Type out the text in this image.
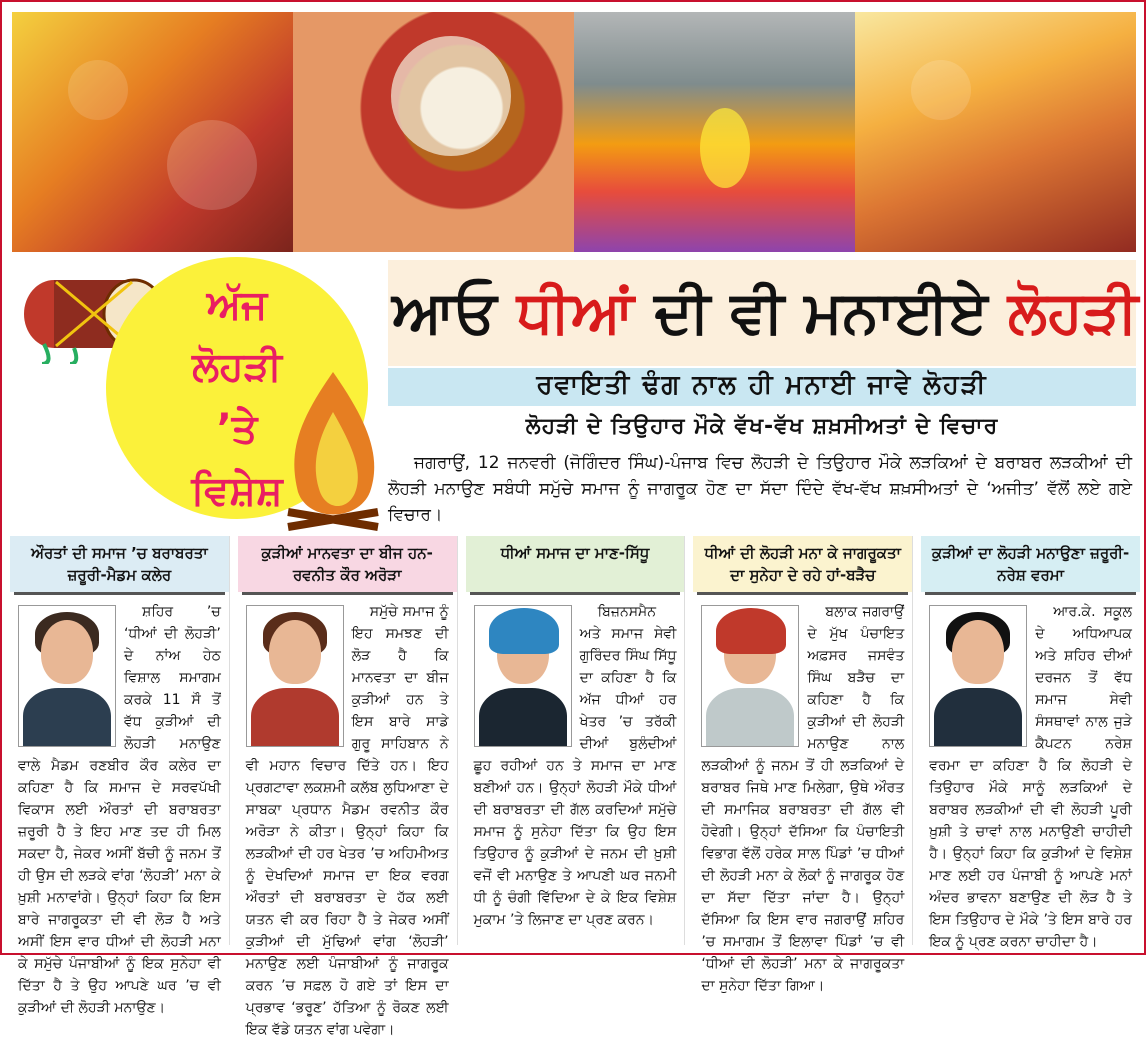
ਅੱਜ
ਲੋਹੜੀ
’ਤੇ
ਵਿਸ਼ੇਸ਼
ਆਓ ਧੀਆਂ ਦੀ ਵੀ ਮਨਾਈਏ ਲੋਹੜੀ
ਰਵਾਇਤੀ ਢੰਗ ਨਾਲ ਹੀ ਮਨਾਈ ਜਾਵੇ ਲੋਹੜੀ
ਲੋਹੜੀ ਦੇ ਤਿਉਹਾਰ ਮੌਕੇ ਵੱਖ-ਵੱਖ ਸ਼ਖ਼ਸੀਅਤਾਂ ਦੇ ਵਿਚਾਰ

ਜਗਰਾਉਂ, 12 ਜਨਵਰੀ (ਜੋਗਿੰਦਰ ਸਿੰਘ)-ਪੰਜਾਬ ਵਿਚ ਲੋਹੜੀ ਦੇ ਤਿਉਹਾਰ ਮੌਕੇ ਲੜਕਿਆਂ ਦੇ ਬਰਾਬਰ ਲੜਕੀਆਂ ਦੀ ਲੋਹੜੀ ਮਨਾਉਣ ਸਬੰਧੀ ਸਮੁੱਚੇ ਸਮਾਜ ਨੂੰ ਜਾਗਰੂਕ ਹੋਣ ਦਾ ਸੱਦਾ ਦਿੰਦੇ ਵੱਖ-ਵੱਖ ਸ਼ਖ਼ਸੀਅਤਾਂ ਦੇ ‘ਅਜੀਤ’ ਵੱਲੋਂ ਲਏ ਗਏ ਵਿਚਾਰ।

ਔਰਤਾਂ ਦੀ ਸਮਾਜ ’ਚ ਬਰਾਬਰਤਾ ਜ਼ਰੂਰੀ-ਮੈਡਮ ਕਲੇਰ

ਸ਼ਹਿਰ ’ਚ ‘ਧੀਆਂ ਦੀ ਲੋਹੜੀ’ ਦੇ ਨਾਂਅ ਹੇਠ ਵਿਸ਼ਾਲ ਸਮਾਗਮ ਕਰਕੇ 11 ਸੌ ਤੋਂ ਵੱਧ ਕੁੜੀਆਂ ਦੀ ਲੋਹੜੀ ਮਨਾਉਣ ਵਾਲੇ ਮੈਡਮ ਰਣਬੀਰ ਕੌਰ ਕਲੇਰ ਦਾ ਕਹਿਣਾ ਹੈ ਕਿ ਸਮਾਜ ਦੇ ਸਰਵਪੱਖੀ ਵਿਕਾਸ ਲਈ ਔਰਤਾਂ ਦੀ ਬਰਾਬਰਤਾ ਜ਼ਰੂਰੀ ਹੈ ਤੇ ਇਹ ਮਾਣ ਤਦ ਹੀ ਮਿਲ ਸਕਦਾ ਹੈ, ਜੇਕਰ ਅਸੀਂ ਬੱਚੀ ਨੂੰ ਜਨਮ ਤੋਂ ਹੀ ਉਸ ਦੀ ਲੜਕੇ ਵਾਂਗ ‘ਲੋਹੜੀ’ ਮਨਾ ਕੇ ਖ਼ੁਸ਼ੀ ਮਨਾਵਾਂਗੇ। ਉਨ੍ਹਾਂ ਕਿਹਾ ਕਿ ਇਸ ਬਾਰੇ ਜਾਗਰੂਕਤਾ ਦੀ ਵੀ ਲੋੜ ਹੈ ਅਤੇ ਅਸੀਂ ਇਸ ਵਾਰ ਧੀਆਂ ਦੀ ਲੋਹੜੀ ਮਨਾ ਕੇ ਸਮੁੱਚੇ ਪੰਜਾਬੀਆਂ ਨੂੰ ਇਕ ਸੁਨੇਹਾ ਵੀ ਦਿੱਤਾ ਹੈ ਤੇ ਉਹ ਆਪਣੇ ਘਰ ’ਚ ਵੀ ਕੁੜੀਆਂ ਦੀ ਲੋਹੜੀ ਮਨਾਉਣ।

ਕੁੜੀਆਂ ਮਾਨਵਤਾ ਦਾ ਬੀਜ ਹਨ-ਰਵਨੀਤ ਕੌਰ ਅਰੋੜਾ

ਸਮੁੱਚੇ ਸਮਾਜ ਨੂੰ ਇਹ ਸਮਝਣ ਦੀ ਲੋੜ ਹੈ ਕਿ ਮਾਨਵਤਾ ਦਾ ਬੀਜ ਕੁੜੀਆਂ ਹਨ ਤੇ ਇਸ ਬਾਰੇ ਸਾਡੇ ਗੁਰੂ ਸਾਹਿਬਾਨ ਨੇ ਵੀ ਮਹਾਨ ਵਿਚਾਰ ਦਿੱਤੇ ਹਨ। ਇਹ ਪ੍ਰਗਟਾਵਾ ਲਕਸ਼ਮੀ ਕਲੱਬ ਲੁਧਿਆਣਾ ਦੇ ਸਾਬਕਾ ਪ੍ਰਧਾਨ ਮੈਡਮ ਰਵਨੀਤ ਕੌਰ ਅਰੋੜਾ ਨੇ ਕੀਤਾ। ਉਨ੍ਹਾਂ ਕਿਹਾ ਕਿ ਲੜਕੀਆਂ ਦੀ ਹਰ ਖੇਤਰ ’ਚ ਅਹਿਮੀਅਤ ਨੂੰ ਦੇਖਦਿਆਂ ਸਮਾਜ ਦਾ ਇਕ ਵਰਗ ਔਰਤਾਂ ਦੀ ਬਰਾਬਰਤਾ ਦੇ ਹੱਕ ਲਈ ਯਤਨ ਵੀ ਕਰ ਰਿਹਾ ਹੈ ਤੇ ਜੇਕਰ ਅਸੀਂ ਕੁੜੀਆਂ ਦੀ ਮੁੱਢਿਆਂ ਵਾਂਗ ‘ਲੋਹੜੀ’ ਮਨਾਉਣ ਲਈ ਪੰਜਾਬੀਆਂ ਨੂੰ ਜਾਗਰੂਕ ਕਰਨ ’ਚ ਸਫ਼ਲ ਹੋ ਗਏ ਤਾਂ ਇਸ ਦਾ ਪ੍ਰਭਾਵ ‘ਭਰੂਣ’ ਹੱਤਿਆ ਨੂੰ ਰੋਕਣ ਲਈ ਇਕ ਵੱਡੇ ਯਤਨ ਵਾਂਗ ਪਵੇਗਾ।

ਧੀਆਂ ਸਮਾਜ ਦਾ ਮਾਣ-ਸਿੱਧੂ

ਬਿਜ਼ਨਸਮੈਨ ਅਤੇ ਸਮਾਜ ਸੇਵੀ ਗੁਰਿੰਦਰ ਸਿੰਘ ਸਿੱਧੂ ਦਾ ਕਹਿਣਾ ਹੈ ਕਿ ਅੱਜ ਧੀਆਂ ਹਰ ਖੇਤਰ ’ਚ ਤਰੱਕੀ ਦੀਆਂ ਬੁਲੰਦੀਆਂ ਛੂਹ ਰਹੀਆਂ ਹਨ ਤੇ ਸਮਾਜ ਦਾ ਮਾਣ ਬਣੀਆਂ ਹਨ। ਉਨ੍ਹਾਂ ਲੋਹੜੀ ਮੌਕੇ ਧੀਆਂ ਦੀ ਬਰਾਬਰਤਾ ਦੀ ਗੱਲ ਕਰਦਿਆਂ ਸਮੁੱਚੇ ਸਮਾਜ ਨੂੰ ਸੁਨੇਹਾ ਦਿੱਤਾ ਕਿ ਉਹ ਇਸ ਤਿਉਹਾਰ ਨੂੰ ਕੁੜੀਆਂ ਦੇ ਜਨਮ ਦੀ ਖ਼ੁਸ਼ੀ ਵਜੋਂ ਵੀ ਮਨਾਉਣ ਤੇ ਆਪਣੀ ਘਰ ਜਨਮੀ ਧੀ ਨੂੰ ਚੰਗੀ ਵਿੱਦਿਆ ਦੇ ਕੇ ਇਕ ਵਿਸ਼ੇਸ਼ ਮੁਕਾਮ ’ਤੇ ਲਿਜਾਣ ਦਾ ਪ੍ਰਣ ਕਰਨ।

ਧੀਆਂ ਦੀ ਲੋਹੜੀ ਮਨਾ ਕੇ ਜਾਗਰੂਕਤਾ ਦਾ ਸੁਨੇਹਾ ਦੇ ਰਹੇ ਹਾਂ-ਬੜੈਚ

ਬਲਾਕ ਜਗਰਾਉਂ ਦੇ ਮੁੱਖ ਪੰਚਾਇਤ ਅਫ਼ਸਰ ਜਸਵੰਤ ਸਿੰਘ ਬੜੈਚ ਦਾ ਕਹਿਣਾ ਹੈ ਕਿ ਕੁੜੀਆਂ ਦੀ ਲੋਹੜੀ ਮਨਾਉਣ ਨਾਲ ਲੜਕੀਆਂ ਨੂੰ ਜਨਮ ਤੋਂ ਹੀ ਲੜਕਿਆਂ ਦੇ ਬਰਾਬਰ ਜਿਥੇ ਮਾਣ ਮਿਲੇਗਾ, ਉਥੇ ਔਰਤ ਦੀ ਸਮਾਜਿਕ ਬਰਾਬਰਤਾ ਦੀ ਗੱਲ ਵੀ ਹੋਵੇਗੀ। ਉਨ੍ਹਾਂ ਦੱਸਿਆ ਕਿ ਪੰਚਾਇਤੀ ਵਿਭਾਗ ਵੱਲੋਂ ਹਰੇਕ ਸਾਲ ਪਿੰਡਾਂ ’ਚ ਧੀਆਂ ਦੀ ਲੋਹੜੀ ਮਨਾ ਕੇ ਲੋਕਾਂ ਨੂੰ ਜਾਗਰੂਕ ਹੋਣ ਦਾ ਸੱਦਾ ਦਿੱਤਾ ਜਾਂਦਾ ਹੈ। ਉਨ੍ਹਾਂ ਦੱਸਿਆ ਕਿ ਇਸ ਵਾਰ ਜਗਰਾਉਂ ਸ਼ਹਿਰ ’ਚ ਸਮਾਗਮ ਤੋਂ ਇਲਾਵਾ ਪਿੰਡਾਂ ’ਚ ਵੀ ‘ਧੀਆਂ ਦੀ ਲੋਹੜੀ’ ਮਨਾ ਕੇ ਜਾਗਰੂਕਤਾ ਦਾ ਸੁਨੇਹਾ ਦਿੱਤਾ ਗਿਆ।

ਕੁੜੀਆਂ ਦਾ ਲੋਹੜੀ ਮਨਾਉਣਾ ਜ਼ਰੂਰੀ-ਨਰੇਸ਼ ਵਰਮਾ

ਆਰ.ਕੇ. ਸਕੂਲ ਦੇ ਅਧਿਆਪਕ ਅਤੇ ਸ਼ਹਿਰ ਦੀਆਂ ਦਰਜਨ ਤੋਂ ਵੱਧ ਸਮਾਜ ਸੇਵੀ ਸੰਸਥਾਵਾਂ ਨਾਲ ਜੁੜੇ ਕੈਪਟਨ ਨਰੇਸ਼ ਵਰਮਾ ਦਾ ਕਹਿਣਾ ਹੈ ਕਿ ਲੋਹੜੀ ਦੇ ਤਿਉਹਾਰ ਮੌਕੇ ਸਾਨੂੰ ਲੜਕਿਆਂ ਦੇ ਬਰਾਬਰ ਲੜਕੀਆਂ ਦੀ ਵੀ ਲੋਹੜੀ ਪੂਰੀ ਖ਼ੁਸ਼ੀ ਤੇ ਚਾਵਾਂ ਨਾਲ ਮਨਾਉਣੀ ਚਾਹੀਦੀ ਹੈ। ਉਨ੍ਹਾਂ ਕਿਹਾ ਕਿ ਕੁੜੀਆਂ ਦੇ ਵਿਸ਼ੇਸ਼ ਮਾਣ ਲਈ ਹਰ ਪੰਜਾਬੀ ਨੂੰ ਆਪਣੇ ਮਨਾਂ ਅੰਦਰ ਭਾਵਨਾ ਬਣਾਉਣ ਦੀ ਲੋੜ ਹੈ ਤੇ ਇਸ ਤਿਉਹਾਰ ਦੇ ਮੌਕੇ ’ਤੇ ਇਸ ਬਾਰੇ ਹਰ ਇਕ ਨੂੰ ਪ੍ਰਣ ਕਰਨਾ ਚਾਹੀਦਾ ਹੈ।
